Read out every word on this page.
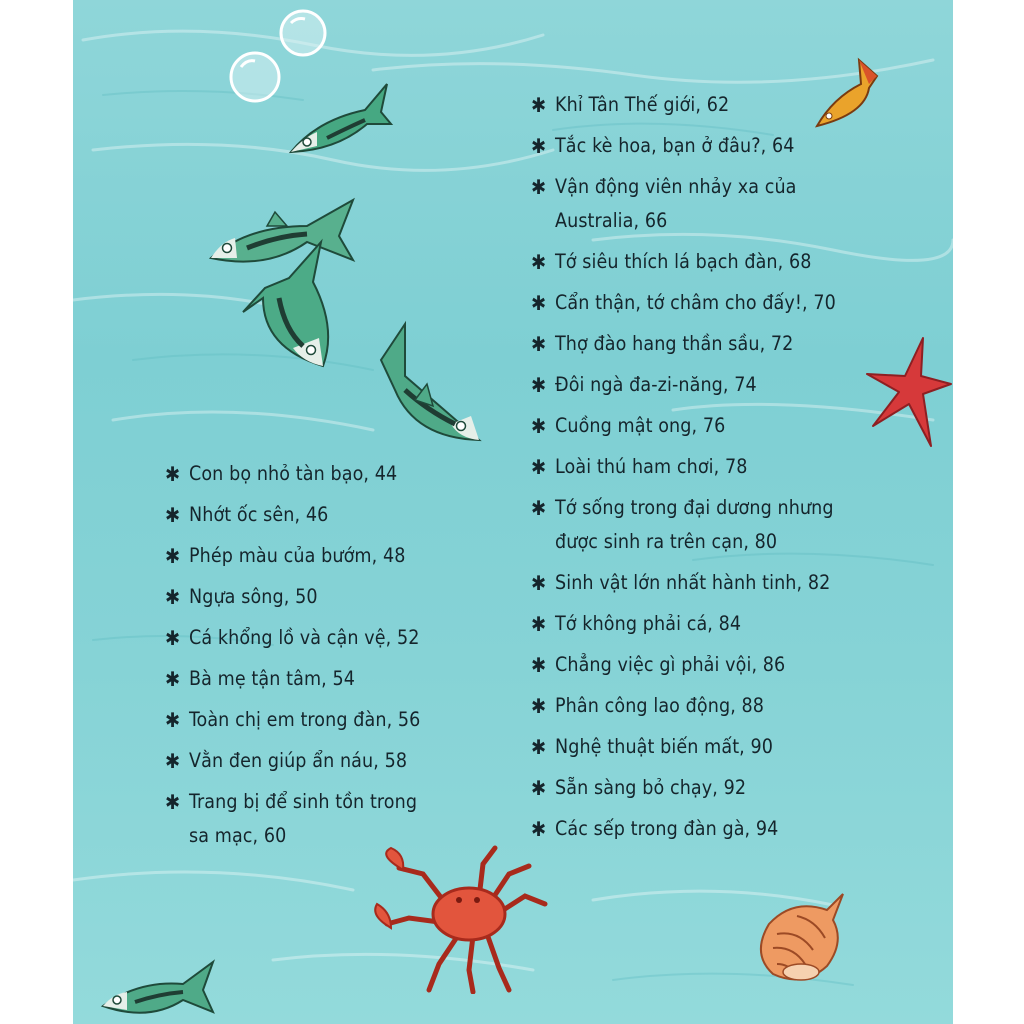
✱ Con bọ nhỏ tàn bạo, 44
✱ Nhớt ốc sên, 46
✱ Phép màu của bướm, 48
✱ Ngựa sông, 50
✱ Cá khổng lồ và cận vệ, 52
✱ Bà mẹ tận tâm, 54
✱ Toàn chị em trong đàn, 56
✱ Vằn đen giúp ẩn náu, 58
✱ Trang bị để sinh tồn trong
sa mạc, 60
✱ Khỉ Tân Thế giới, 62
✱ Tắc kè hoa, bạn ở đâu?, 64
✱ Vận động viên nhảy xa của
Australia, 66
✱ Tớ siêu thích lá bạch đàn, 68
✱ Cẩn thận, tớ châm cho đấy!, 70
✱ Thợ đào hang thần sầu, 72
✱ Đôi ngà đa-zi-năng, 74
✱ Cuồng mật ong, 76
✱ Loài thú ham chơi, 78
✱ Tớ sống trong đại dương nhưng
được sinh ra trên cạn, 80
✱ Sinh vật lớn nhất hành tinh, 82
✱ Tớ không phải cá, 84
✱ Chẳng việc gì phải vội, 86
✱ Phân công lao động, 88
✱ Nghệ thuật biến mất, 90
✱ Sẵn sàng bỏ chạy, 92
✱ Các sếp trong đàn gà, 94
